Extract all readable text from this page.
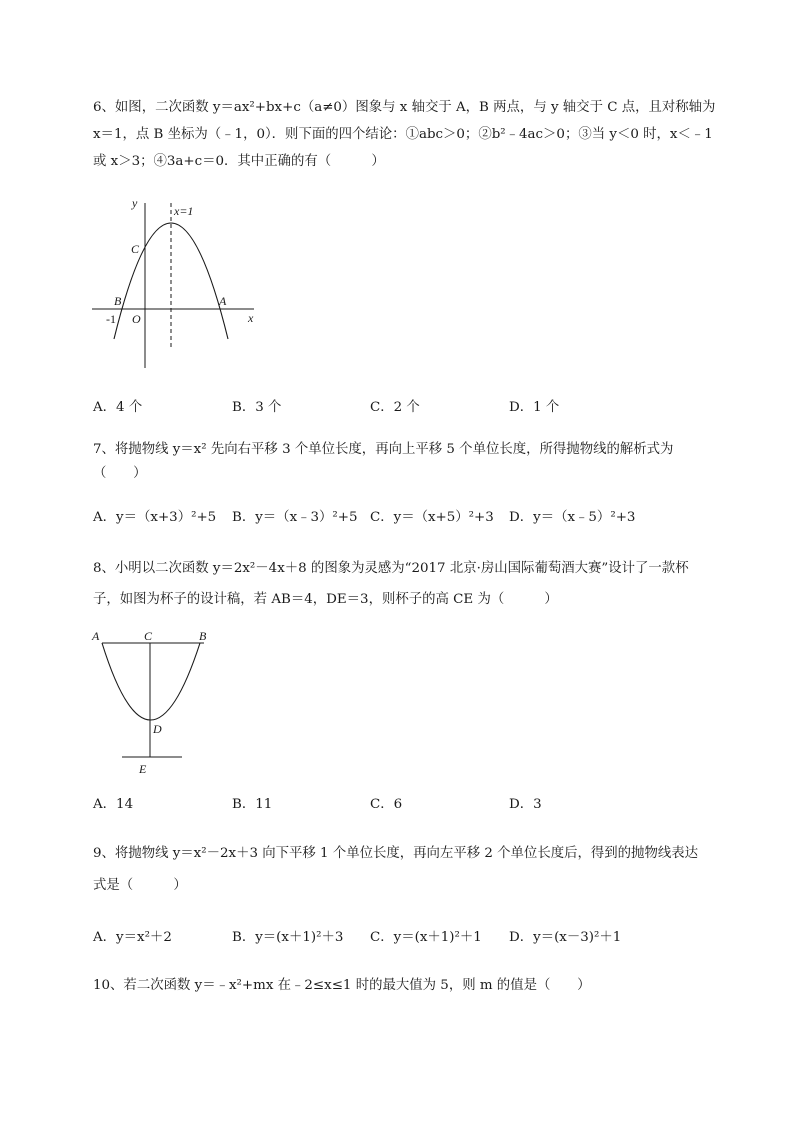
6、如图，二次函数 y＝ax²+bx+c（a≠0）图象与 x 轴交于 A，B 两点，与 y 轴交于 C 点，且对称轴为
x＝1，点 B 坐标为（﹣1，0）．则下面的四个结论：①abc＞0；②b²﹣4ac＞0；③当 y＜0 时，x＜﹣1
或 x＞3；④3a+c＝0．其中正确的有（　　　）
y
x=1
C
B	A
O
-1	x
A．4 个	B．3 个	C．2 个	D．1 个
7、将抛物线 y＝x² 先向右平移 3 个单位长度，再向上平移 5 个单位长度，所得抛物线的解析式为
（　　）
A．y＝（x+3）²+5 B．y＝（x﹣3）²+5 C．y＝（x+5）²+3 D．y＝（x﹣5）²+3
8、小明以二次函数 y＝2x²－4x＋8 的图象为灵感为“2017 北京·房山国际葡萄酒大赛”设计了一款杯
子，如图为杯子的设计稿，若 AB＝4，DE＝3，则杯子的高 CE 为（　　　）
A	C	B
D
E
A．14	B．11	C．6	D．3
9、将抛物线 y＝x²－2x＋3 向下平移 1 个单位长度，再向左平移 2 个单位长度后，得到的抛物线表达
式是（　　　）
A．y＝x²＋2	B．y＝(x＋1)²＋3 C．y＝(x＋1)²＋1 D．y＝(x－3)²＋1
10、若二次函数 y＝﹣x²+mx 在﹣2≤x≤1 时的最大值为 5，则 m 的值是（　　）
